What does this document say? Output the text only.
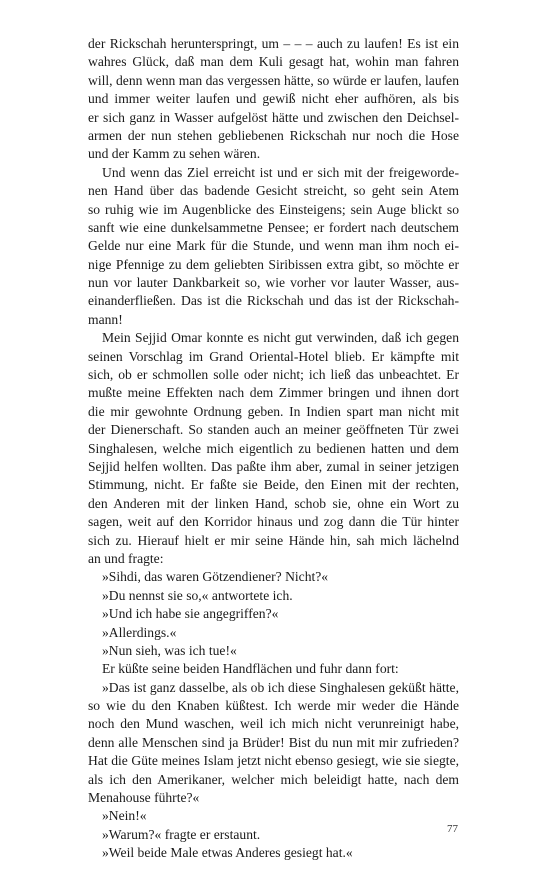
der Rickschah herunterspringt, um – – – auch zu laufen! Es ist ein
wahres Glück, daß man dem Kuli gesagt hat, wohin man fahren
will, denn wenn man das vergessen hätte, so würde er laufen, laufen
und immer weiter laufen und gewiß nicht eher aufhören, als bis
er sich ganz in Wasser aufgelöst hätte und zwischen den Deichsel-
armen der nun stehen gebliebenen Rickschah nur noch die Hose
und der Kamm zu sehen wären.
Und wenn das Ziel erreicht ist und er sich mit der freigeworde-
nen Hand über das badende Gesicht streicht, so geht sein Atem
so ruhig wie im Augenblicke des Einsteigens; sein Auge blickt so
sanft wie eine dunkelsammetne Pensee; er fordert nach deutschem
Gelde nur eine Mark für die Stunde, und wenn man ihm noch ei-
nige Pfennige zu dem geliebten Siribissen extra gibt, so möchte er
nun vor lauter Dankbarkeit so, wie vorher vor lauter Wasser, aus-
einanderfließen. Das ist die Rickschah und das ist der Rickschah-
mann!
Mein Sejjid Omar konnte es nicht gut verwinden, daß ich gegen
seinen Vorschlag im Grand Oriental-Hotel blieb. Er kämpfte mit
sich, ob er schmollen solle oder nicht; ich ließ das unbeachtet. Er
mußte meine Effekten nach dem Zimmer bringen und ihnen dort
die mir gewohnte Ordnung geben. In Indien spart man nicht mit
der Dienerschaft. So standen auch an meiner geöffneten Tür zwei
Singhalesen, welche mich eigentlich zu bedienen hatten und dem
Sejjid helfen wollten. Das paßte ihm aber, zumal in seiner jetzigen
Stimmung, nicht. Er faßte sie Beide, den Einen mit der rechten,
den Anderen mit der linken Hand, schob sie, ohne ein Wort zu
sagen, weit auf den Korridor hinaus und zog dann die Tür hinter
sich zu. Hierauf hielt er mir seine Hände hin, sah mich lächelnd
an und fragte:
»Sihdi, das waren Götzendiener? Nicht?«
»Du nennst sie so,« antwortete ich.
»Und ich habe sie angegriffen?«
»Allerdings.«
»Nun sieh, was ich tue!«
Er küßte seine beiden Handflächen und fuhr dann fort:
»Das ist ganz dasselbe, als ob ich diese Singhalesen geküßt hätte,
so wie du den Knaben küßtest. Ich werde mir weder die Hände
noch den Mund waschen, weil ich mich nicht verunreinigt habe,
denn alle Menschen sind ja Brüder! Bist du nun mit mir zufrieden?
Hat die Güte meines Islam jetzt nicht ebenso gesiegt, wie sie siegte,
als ich den Amerikaner, welcher mich beleidigt hatte, nach dem
Menahouse führte?«
»Nein!«
»Warum?« fragte er erstaunt.
»Weil beide Male etwas Anderes gesiegt hat.«
77
